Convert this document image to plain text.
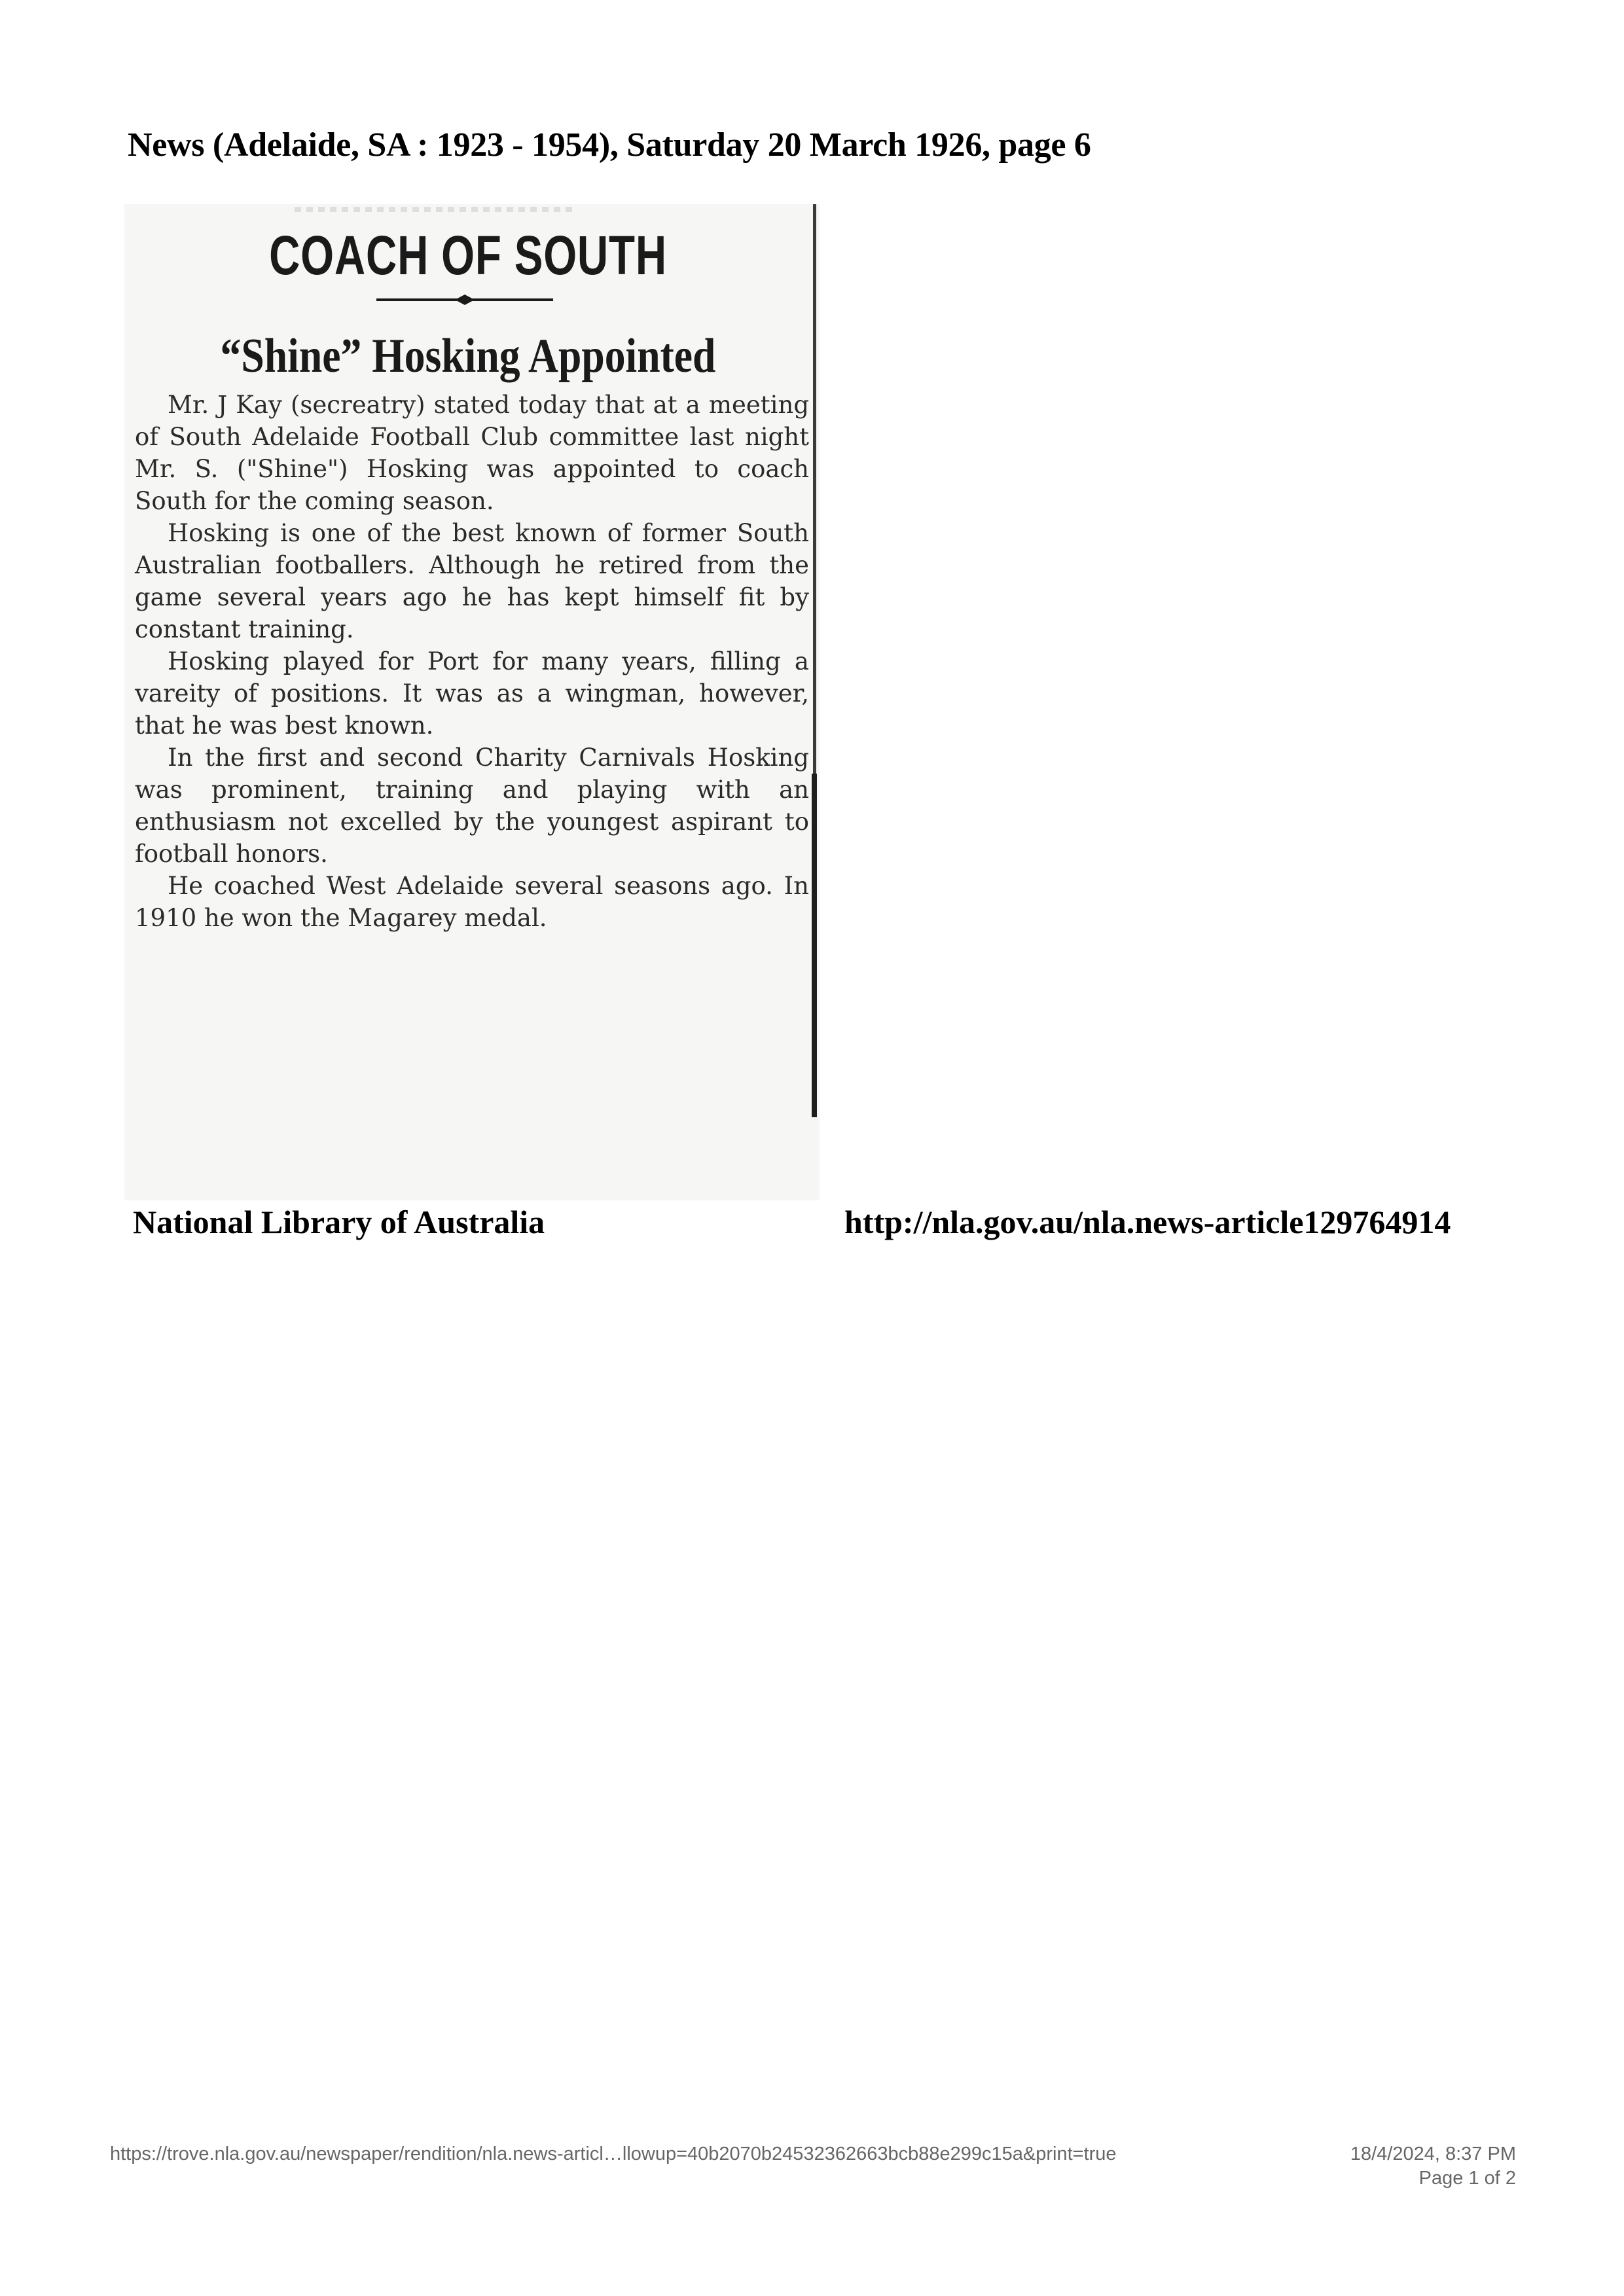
News (Adelaide, SA : 1923 - 1954), Saturday 20 March 1926, page 6
COACH OF SOUTH
“Shine” Hosking Appointed

Mr. J Kay (secreatry) stated today that at a meeting of South Adelaide Football Club committee last night Mr. S. ("Shine") Hosking was appointed to coach South for the coming season.

Hosking is one of the best known of former South Australian footballers. Although he retired from the game several years ago he has kept himself fit by constant training.

Hosking played for Port for many years, filling a vareity of positions. It was as a wingman, however, that he was best known.

In the first and second Charity Carnivals Hosking was prominent, training and playing with an enthusiasm not excelled by the youngest aspirant to football honors.

He coached West Adelaide several seasons ago. In 1910 he won the Magarey medal.

National Library of Australia	http://nla.gov.au/nla.news-article129764914
https://trove.nla.gov.au/newspaper/rendition/nla.news-articl…llowup=40b2070b24532362663bcb88e299c15a&print=true	18/4/2024, 8:37 PM
Page 1 of 2
